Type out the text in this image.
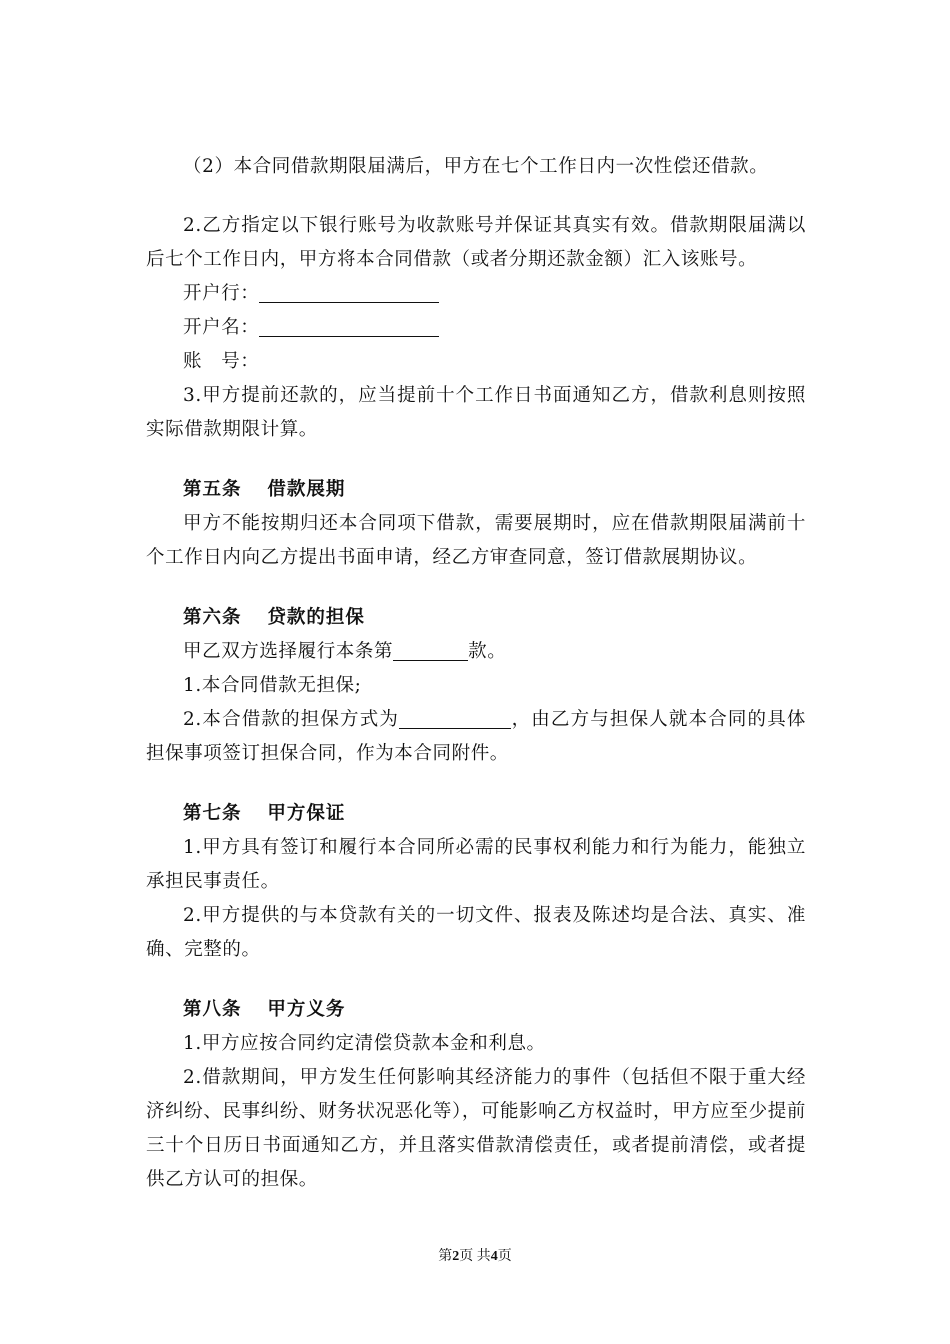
（2）本合同借款期限届满后，甲方在七个工作日内一次性偿还借款。

2.乙方指定以下银行账号为收款账号并保证其真实有效。借款期限届满以后七个工作日内，甲方将本合同借款（或者分期还款金额）汇入该账号。

开户行：

开户名：

账　号：

3.甲方提前还款的，应当提前十个工作日书面通知乙方，借款利息则按照实际借款期限计算。

第五条 借款展期

甲方不能按期归还本合同项下借款，需要展期时，应在借款期限届满前十个工作日内向乙方提出书面申请，经乙方审查同意，签订借款展期协议。

第六条 贷款的担保

甲乙双方选择履行本条第	款。

1.本合同借款无担保;

2.本合借款的担保方式为	，由乙方与担保人就本合同的具体担保事项签订担保合同，作为本合同附件。

第七条 甲方保证

1.甲方具有签订和履行本合同所必需的民事权利能力和行为能力，能独立承担民事责任。

2.甲方提供的与本贷款有关的一切文件、报表及陈述均是合法、真实、准确、完整的。

第八条 甲方义务

1.甲方应按合同约定清偿贷款本金和利息。

2.借款期间，甲方发生任何影响其经济能力的事件（包括但不限于重大经济纠纷、民事纠纷、财务状况恶化等），可能影响乙方权益时，甲方应至少提前三十个日历日书面通知乙方，并且落实借款清偿责任，或者提前清偿，或者提供乙方认可的担保。

第2页 共4页
